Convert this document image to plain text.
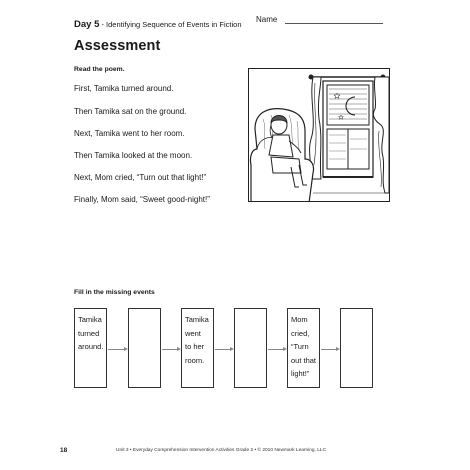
Day 5 - Identifying Sequence of Events in Fiction
Name
Assessment
Read the poem.
First, Tamika turned around.
Then Tamika sat on the ground.
Next, Tamika went to her room.
Then Tamika looked at the moon.
Next, Mom cried, “Turn out that light!”
Finally, Mom said, “Sweet good-night!”
Fill in the missing events
Tamika
turned
around.
Tamika
went
to her
room.
Mom
cried,
“Turn
out that
light!”
18	Unit 3 • Everyday Comprehension Intervention Activities Grade 2 • © 2010 Newmark Learning, LLC
